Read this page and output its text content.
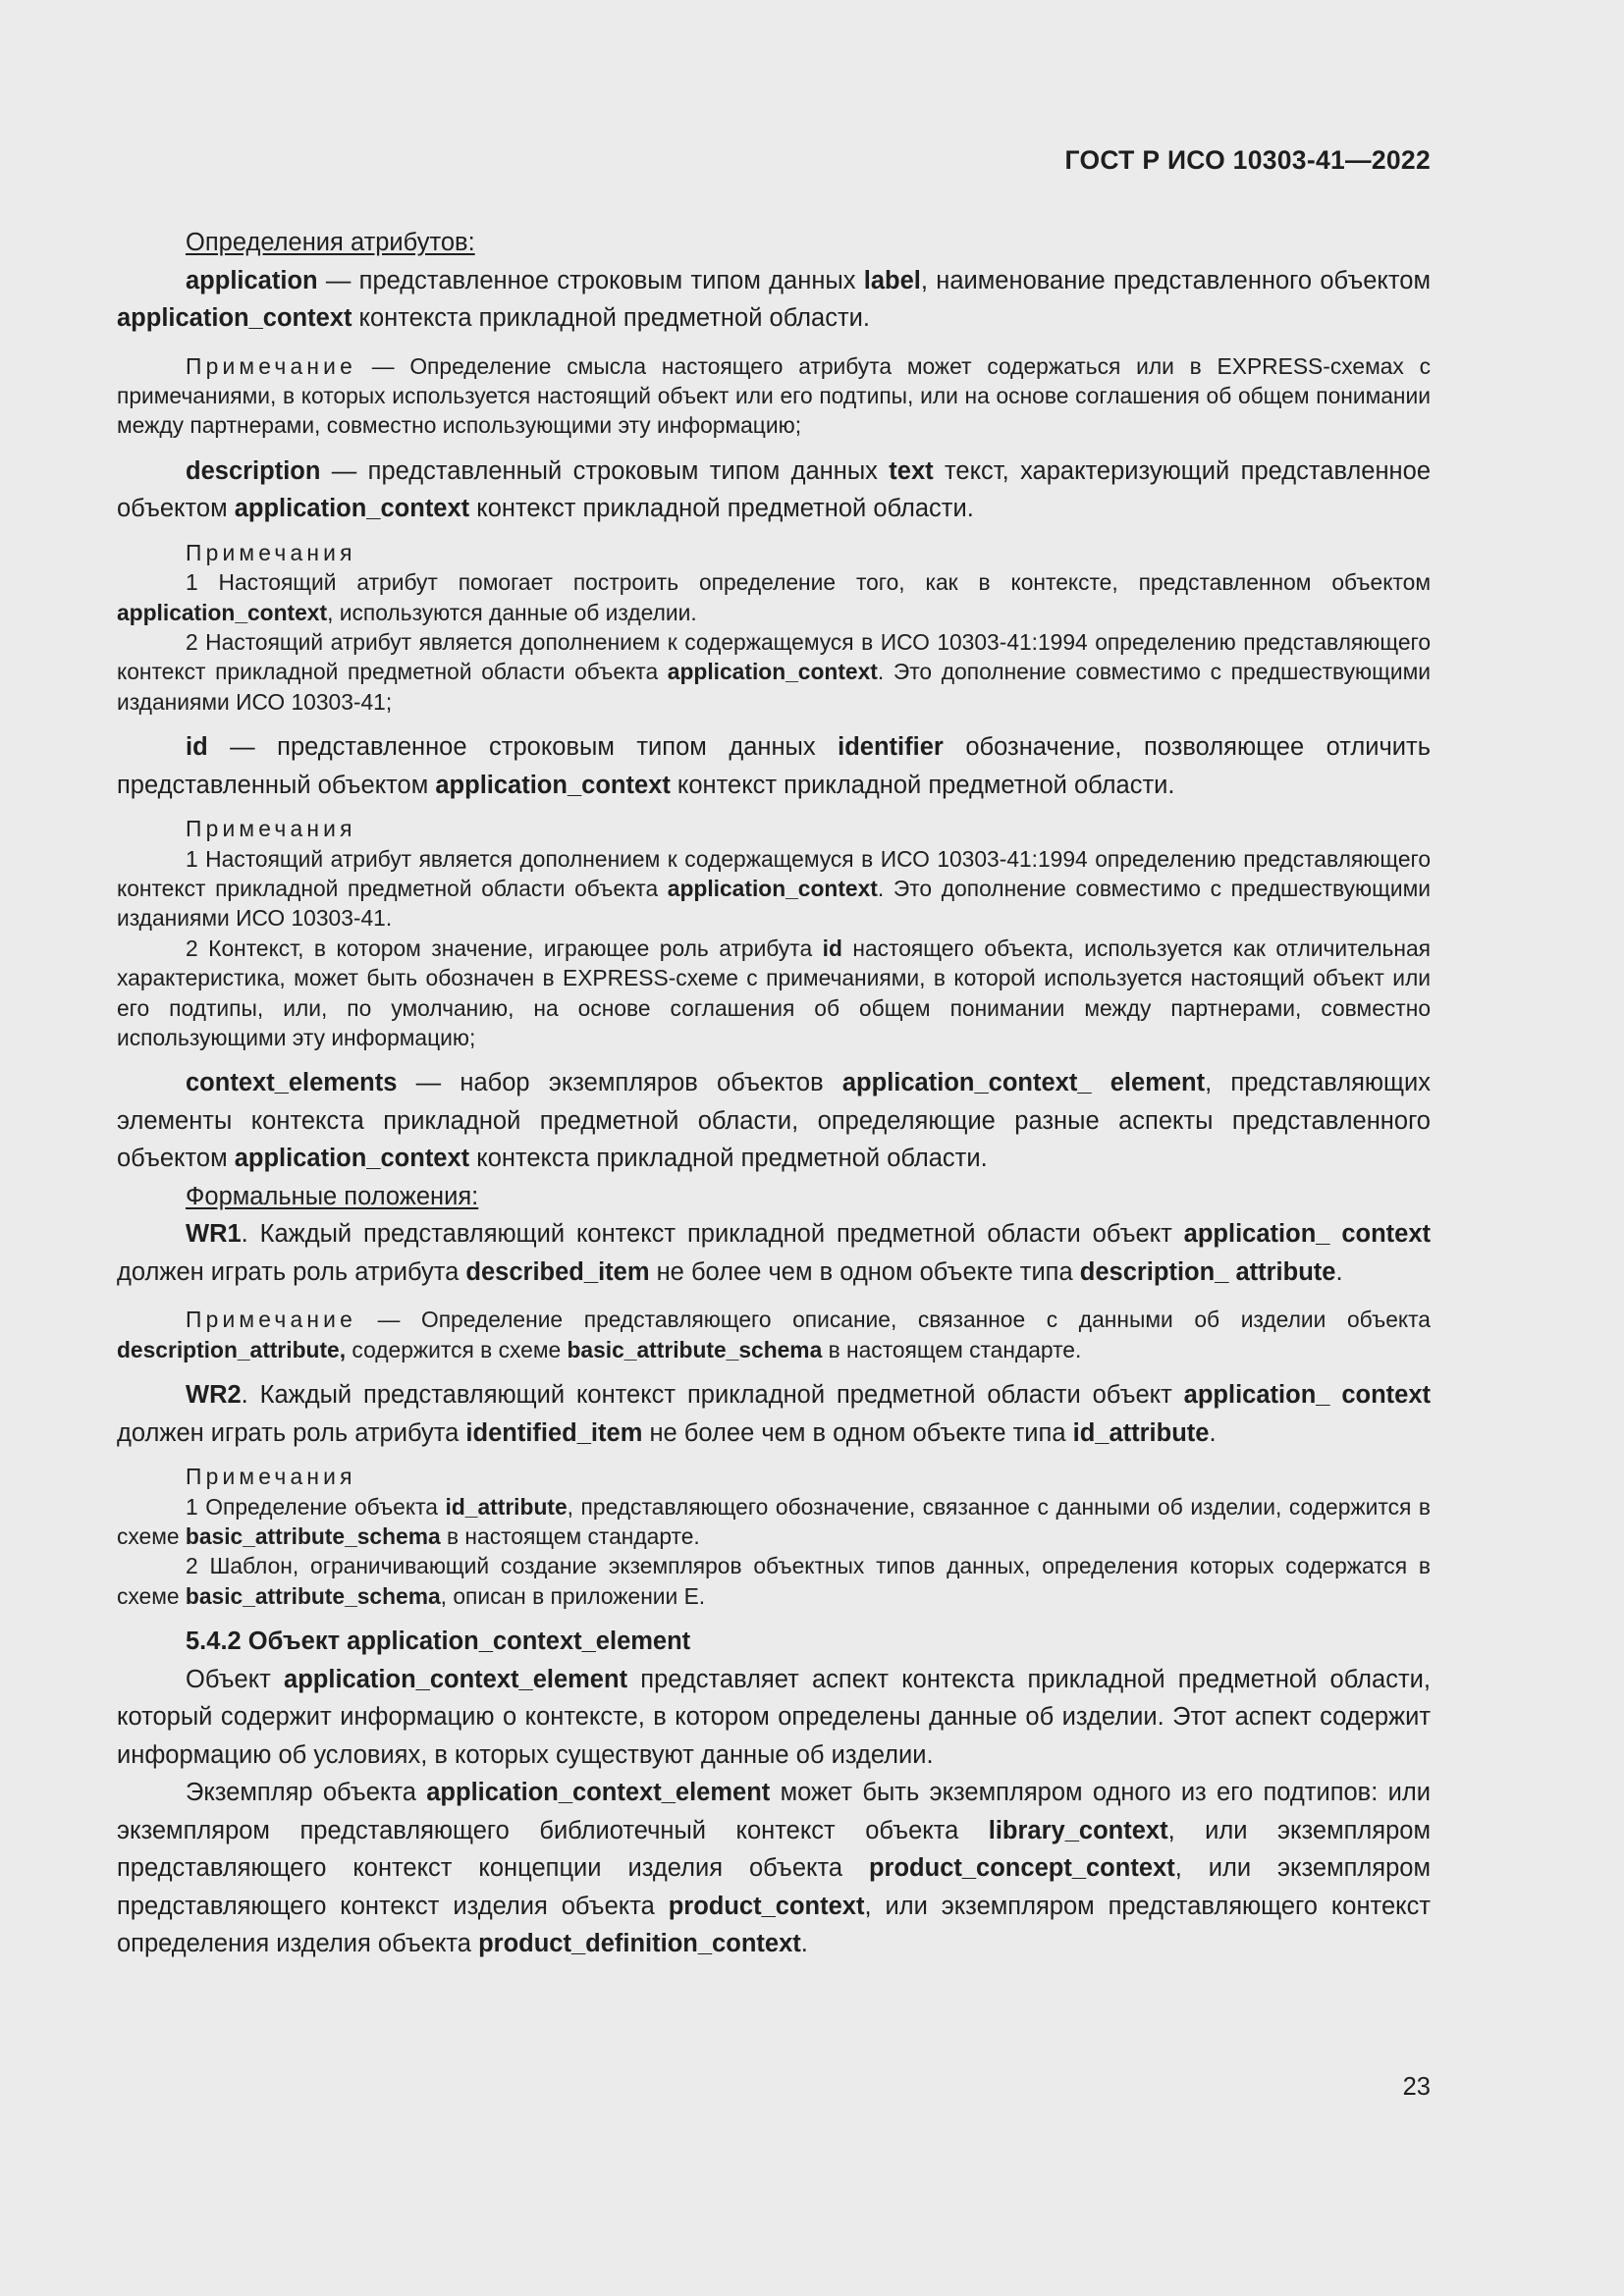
ГОСТ Р ИСО 10303-41—2022

Определения атрибутов:

application — представленное строковым типом данных label, наименование представленного объектом application_context контекста прикладной предметной области.

Примечание — Определение смысла настоящего атрибута может содержаться или в EXPRESS-схемах с примечаниями, в которых используется настоящий объект или его подтипы, или на основе соглашения об общем понимании между партнерами, совместно использующими эту информацию;

description — представленный строковым типом данных text текст, характеризующий представленное объектом application_context контекст прикладной предметной области.

Примечания

1 Настоящий атрибут помогает построить определение того, как в контексте, представленном объектом application_context, используются данные об изделии.

2 Настоящий атрибут является дополнением к содержащемуся в ИСО 10303-41:1994 определению представляющего контекст прикладной предметной области объекта application_context. Это дополнение совместимо с предшествующими изданиями ИСО 10303-41;

id — представленное строковым типом данных identifier обозначение, позволяющее отличить представленный объектом application_context контекст прикладной предметной области.

Примечания

1 Настоящий атрибут является дополнением к содержащемуся в ИСО 10303-41:1994 определению представляющего контекст прикладной предметной области объекта application_context. Это дополнение совместимо с предшествующими изданиями ИСО 10303-41.

2 Контекст, в котором значение, играющее роль атрибута id настоящего объекта, используется как отличительная характеристика, может быть обозначен в EXPRESS-схеме с примечаниями, в которой используется настоящий объект или его подтипы, или, по умолчанию, на основе соглашения об общем понимании между партнерами, совместно использующими эту информацию;

context_elements — набор экземпляров объектов application_context_ element, представляющих элементы контекста прикладной предметной области, определяющие разные аспекты представленного объектом application_context контекста прикладной предметной области.

Формальные положения:

WR1. Каждый представляющий контекст прикладной предметной области объект application_ context должен играть роль атрибута described_item не более чем в одном объекте типа description_ attribute.

Примечание — Определение представляющего описание, связанное с данными об изделии объекта description_attribute, содержится в схеме basic_attribute_schema в настоящем стандарте.

WR2. Каждый представляющий контекст прикладной предметной области объект application_ context должен играть роль атрибута identified_item не более чем в одном объекте типа id_attribute.

Примечания

1 Определение объекта id_attribute, представляющего обозначение, связанное с данными об изделии, содержится в схеме basic_attribute_schema в настоящем стандарте.

2 Шаблон, ограничивающий создание экземпляров объектных типов данных, определения которых содержатся в схеме basic_attribute_schema, описан в приложении Е.

5.4.2 Объект application_context_element

Объект application_context_element представляет аспект контекста прикладной предметной области, который содержит информацию о контексте, в котором определены данные об изделии. Этот аспект содержит информацию об условиях, в которых существуют данные об изделии.

Экземпляр объекта application_context_element может быть экземпляром одного из его подтипов: или экземпляром представляющего библиотечный контекст объекта library_context, или экземпляром представляющего контекст концепции изделия объекта product_concept_context, или экземпляром представляющего контекст изделия объекта product_context, или экземпляром представляющего контекст определения изделия объекта product_definition_context.

23
